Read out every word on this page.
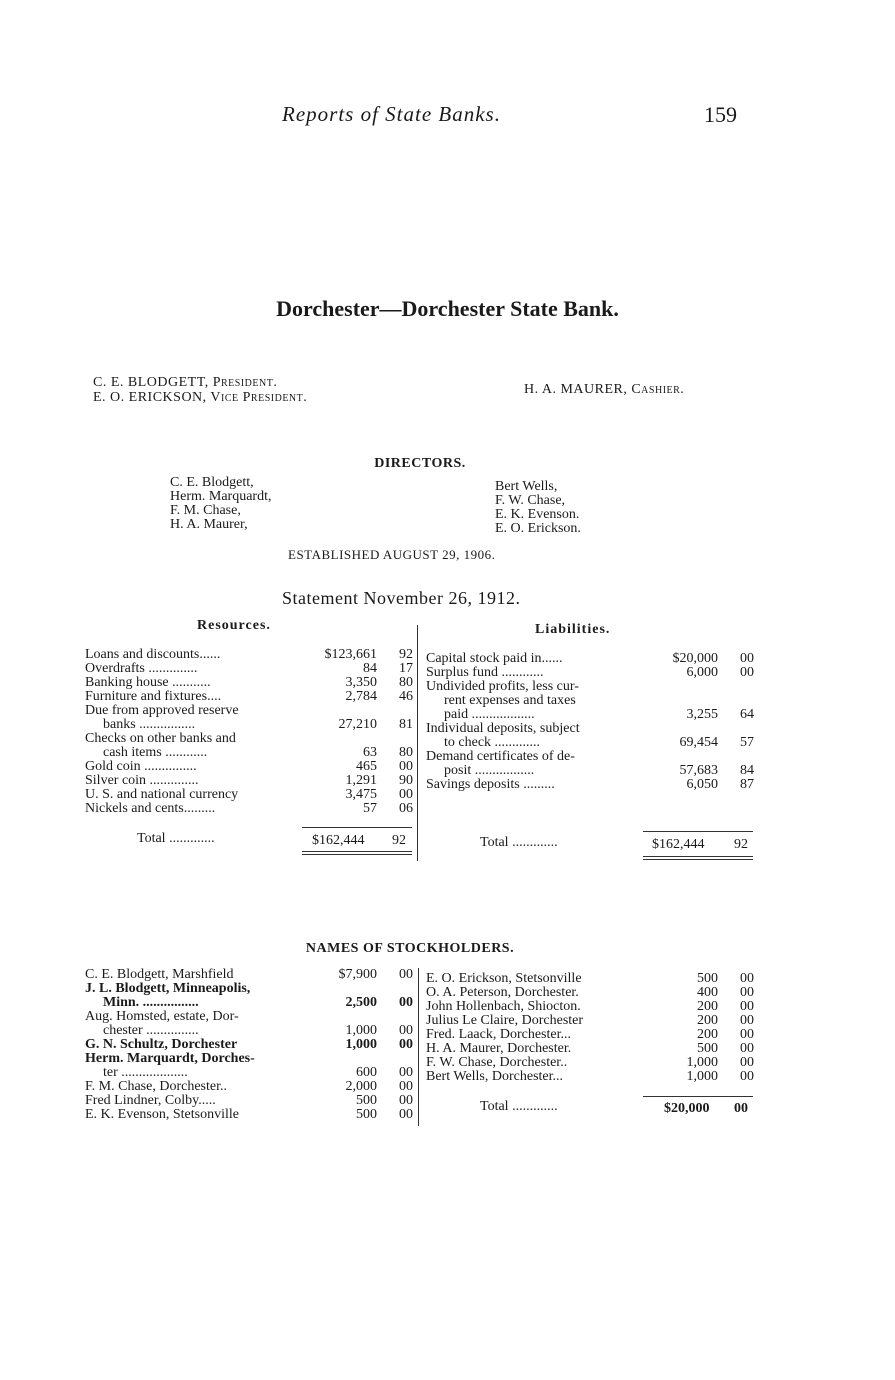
Reports of State Banks.	159
Dorchester—Dorchester State Bank.
C. E. BLODGETT, President.
E. O. ERICKSON, Vice President.
H. A. MAURER, Cashier.
DIRECTORS.
C. E. Blodgett,
Herm. Marquardt,
F. M. Chase,
H. A. Maurer,
Bert Wells,
F. W. Chase,
E. K. Evenson.
E. O. Erickson.
ESTABLISHED AUGUST 29, 1906.
Statement November 26, 1912.
Resources.	Liabilities.
Loans and discounts......	$123,661	92
Overdrafts ..............	84	17
Banking house ...........	3,350	80
Furniture and fixtures....	2,784	46
Due from approved reserve		
banks ................	27,210	81
Checks on other banks and		
cash items ............	63	80
Gold coin ...............	465	00
Silver coin ..............	1,291	90
U. S. and national currency	3,475	00
Nickels and cents.........	57	06
Total .............	$162,444 92
Capital stock paid in......	$20,000	00
Surplus fund ............	6,000	00
Undivided profits, less cur-		
rent expenses and taxes		
paid ..................	3,255	64
Individual deposits, subject		
to check .............	69,454	57
Demand certificates of de-		
posit .................	57,683	84
Savings deposits .........	6,050	87
Total .............	$162,444 92
NAMES OF STOCKHOLDERS.
C. E. Blodgett, Marshfield	$7,900	00
J. L. Blodgett, Minneapolis,		
Minn. ................	2,500	00
Aug. Homsted, estate, Dor-		
chester ...............	1,000	00
G. N. Schultz, Dorchester	1,000	00
Herm. Marquardt, Dorches-		
ter ...................	600	00
F. M. Chase, Dorchester..	2,000	00
Fred Lindner, Colby.....	500	00
E. K. Evenson, Stetsonville	500	00
E. O. Erickson, Stetsonville	500	00
O. A. Peterson, Dorchester.	400	00
John Hollenbach, Shiocton.	200	00
Julius Le Claire, Dorchester	200	00
Fred. Laack, Dorchester...	200	00
H. A. Maurer, Dorchester.	500	00
F. W. Chase, Dorchester..	1,000	00
Bert Wells, Dorchester...	1,000	00
Total .............	$20,000 00
